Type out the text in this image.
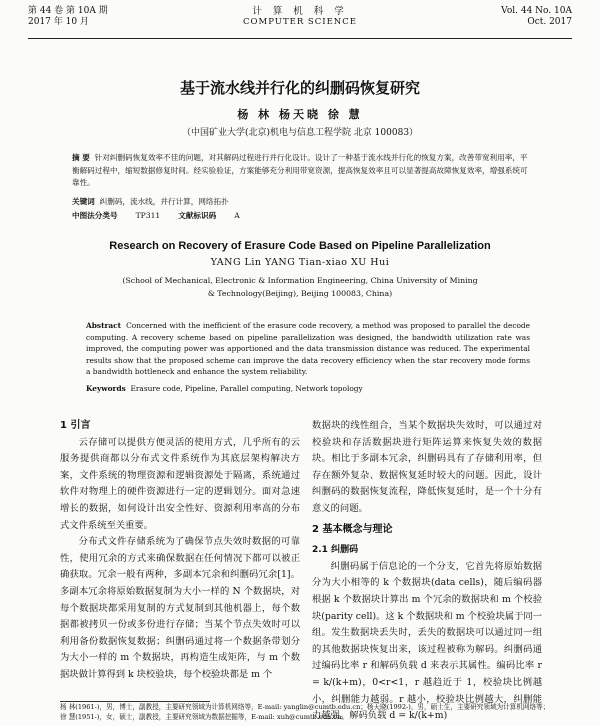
第 44 卷 第 10A 期
2017 年 10 月
计 算 机 科 学
COMPUTER SCIENCE
Vol. 44 No. 10A
Oct. 2017
基于流水线并行化的纠删码恢复研究
杨 林 杨天晓 徐 慧
（中国矿业大学(北京)机电与信息工程学院 北京 100083）
摘 要 针对纠删码恢复效率不佳的问题，对其解码过程进行并行化设计。设计了一种基于流水线并行化的恢复方案，改善带宽利用率，平衡解码过程中，缩短数据修复时间。经实验验证，方案能够充分利用带宽资源，提高恢复效率且可以显著提高故障恢复效率，增强系统可靠性。
关键词 纠删码，流水线，并行计算，网络拓扑
中图法分类号 TP311 文献标识码 A
Research on Recovery of Erasure Code Based on Pipeline Parallelization
YANG Lin YANG Tian-xiao XU Hui
(School of Mechanical, Electronic & Information Engineering, China University of Mining & Technology(Beijing), Beijing 100083, China)
Abstract Concerned with the inefficient of the erasure code recovery, a method was proposed to parallel the decode computing. A recovery scheme based on pipeline parallelization was designed, the bandwidth utilization rate was improved, the computing power was apportioned and the data transmission distance was reduced. The experimental results show that the proposed scheme can improve the data recovery efficiency when the star recovery mode forms a bandwidth bottleneck and enhance the system reliability.
Keywords Erasure code, Pipeline, Parallel computing, Network topology
1 引言

云存储可以提供方便灵活的使用方式，几乎所有的云服务提供商都以分布式文件系统作为其底层架构解决方案，文件系统的物理资源和逻辑资源处于隔离，系统通过软件对物理上的硬件资源进行一定的逻辑划分。面对急速增长的数据，如何设计出安全性好、资源利用率高的分布式文件系统至关重要。

分布式文件存储系统为了确保节点失效时数据的可靠性，使用冗余的方式来确保数据在任何情况下都可以被正确获取。冗余一般有两种，多副本冗余和纠删码冗余[1]。多副本冗余将原始数据复制为大小一样的 N 个数据块，对每个数据块都采用复制的方式复制到其他机器上，每个数据都被拷贝一份或多份进行存储；当某个节点失效时可以利用备份数据恢复数据；纠删码通过将一个数据条带划分为大小一样的 m 个数据块，再构造生成矩阵，与 m 个数据块做计算得到 k 块校验块，每个校验块都是 m 个

数据块的线性组合，当某个数据块失效时，可以通过对校验块和存活数据块进行矩阵运算来恢复失效的数据块。相比于多副本冗余，纠删码具有了存储利用率，但存在额外复杂、数据恢复延时较大的问题。因此，设计纠删码的数据恢复流程，降低恢复延时，是一个十分有意义的问题。
2 基本概念与理论
2.1 纠删码

纠删码属于信息论的一个分支，它首先将原始数据分为大小相等的 k 个数据块(data cells)，随后编码器根据 k 个数据块计算出 m 个冗余的数据块和 m 个校验块(parity cell)。这 k 个数据块和 m 个校验块属于同一组。发生数据块丢失时，丢失的数据块可以通过同一组的其他数据块恢复出来，该过程被称为解码。纠删码通过编码比率 r 和解码负载 d 来表示其属性。编码比率 r = k/(k+m)，0<r<1，r 越趋近于 1，校验块比例越小，纠删能力越弱。r 越小，校验块比例越大，纠删能力越强。解码负载 d = k/(k+m)

杨 林(1961-)，男，博士，副教授，主要研究领域为计算机网络等，E-mail: yanglin@cumtb.edu.cn；杨天晓(1992-)，男，硕士生，主要研究领域为计算机网络等；徐 慧(1951-)，女，硕士，副教授，主要研究领域为数据挖掘等，E-mail: xuh@cumtb.edu.cn。
